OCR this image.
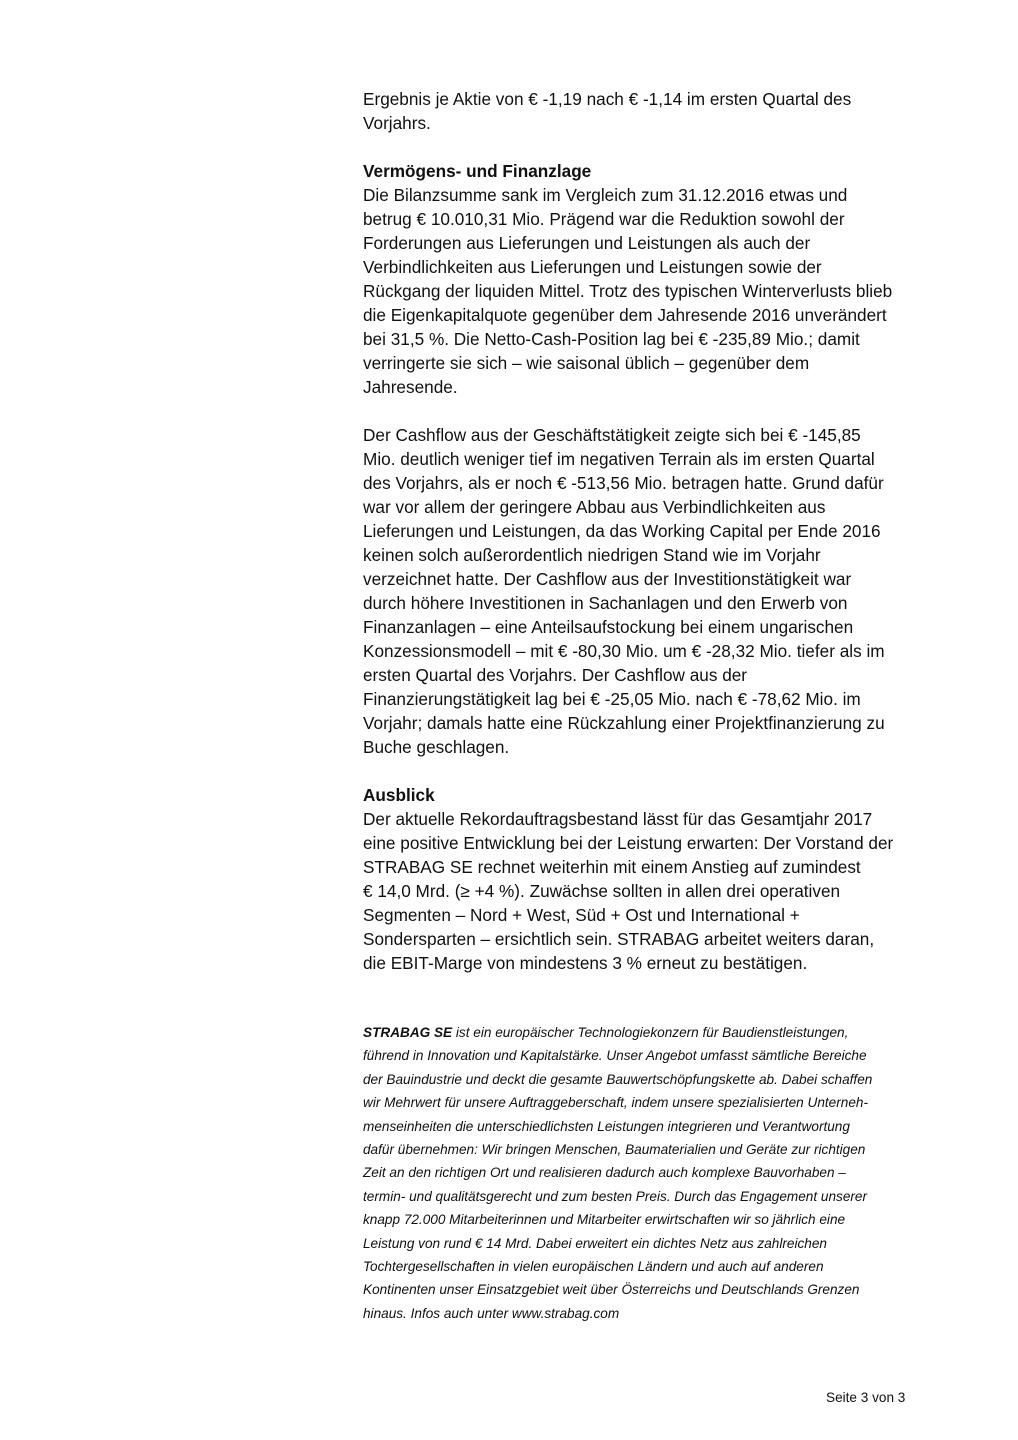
Ergebnis je Aktie von € -1,19 nach € -1,14 im ersten Quartal des
Vorjahrs.

Vermögens- und Finanzlage

Die Bilanzsumme sank im Vergleich zum 31.12.2016 etwas und
betrug € 10.010,31 Mio. Prägend war die Reduktion sowohl der
Forderungen aus Lieferungen und Leistungen als auch der
Verbindlichkeiten aus Lieferungen und Leistungen sowie der
Rückgang der liquiden Mittel. Trotz des typischen Winterverlusts blieb
die Eigenkapitalquote gegenüber dem Jahresende 2016 unverändert
bei 31,5 %. Die Netto-Cash-Position lag bei € -235,89 Mio.; damit
verringerte sie sich – wie saisonal üblich – gegenüber dem
Jahresende.

Der Cashflow aus der Geschäftstätigkeit zeigte sich bei € -145,85
Mio. deutlich weniger tief im negativen Terrain als im ersten Quartal
des Vorjahrs, als er noch € -513,56 Mio. betragen hatte. Grund dafür
war vor allem der geringere Abbau aus Verbindlichkeiten aus
Lieferungen und Leistungen, da das Working Capital per Ende 2016
keinen solch außerordentlich niedrigen Stand wie im Vorjahr
verzeichnet hatte. Der Cashflow aus der Investitionstätigkeit war
durch höhere Investitionen in Sachanlagen und den Erwerb von
Finanzanlagen – eine Anteilsaufstockung bei einem ungarischen
Konzessionsmodell – mit € -80,30 Mio. um € -28,32 Mio. tiefer als im
ersten Quartal des Vorjahrs. Der Cashflow aus der
Finanzierungstätigkeit lag bei € -25,05 Mio. nach € -78,62 Mio. im
Vorjahr; damals hatte eine Rückzahlung einer Projektfinanzierung zu
Buche geschlagen.

Ausblick

Der aktuelle Rekordauftragsbestand lässt für das Gesamtjahr 2017
eine positive Entwicklung bei der Leistung erwarten: Der Vorstand der
STRABAG SE rechnet weiterhin mit einem Anstieg auf zumindest
€ 14,0 Mrd. (≥ +4 %). Zuwächse sollten in allen drei operativen
Segmenten – Nord + West, Süd + Ost und International +
Sondersparten – ersichtlich sein. STRABAG arbeitet weiters daran,
die EBIT-Marge von mindestens 3 % erneut zu bestätigen.

STRABAG SE ist ein europäischer Technologiekonzern für Baudienstleistungen,
führend in Innovation und Kapitalstärke. Unser Angebot umfasst sämtliche Bereiche
der Bauindustrie und deckt die gesamte Bauwertschöpfungskette ab. Dabei schaffen
wir Mehrwert für unsere Auftraggeberschaft, indem unsere spezialisierten Unterneh-
menseinheiten die unterschiedlichsten Leistungen integrieren und Verantwortung
dafür übernehmen: Wir bringen Menschen, Baumaterialien und Geräte zur richtigen
Zeit an den richtigen Ort und realisieren dadurch auch komplexe Bauvorhaben –
termin- und qualitätsgerecht und zum besten Preis. Durch das Engagement unserer
knapp 72.000 Mitarbeiterinnen und Mitarbeiter erwirtschaften wir so jährlich eine
Leistung von rund € 14 Mrd. Dabei erweitert ein dichtes Netz aus zahlreichen
Tochtergesellschaften in vielen europäischen Ländern und auch auf anderen
Kontinenten unser Einsatzgebiet weit über Österreichs und Deutschlands Grenzen
hinaus. Infos auch unter www.strabag.com
Seite 3 von 3
